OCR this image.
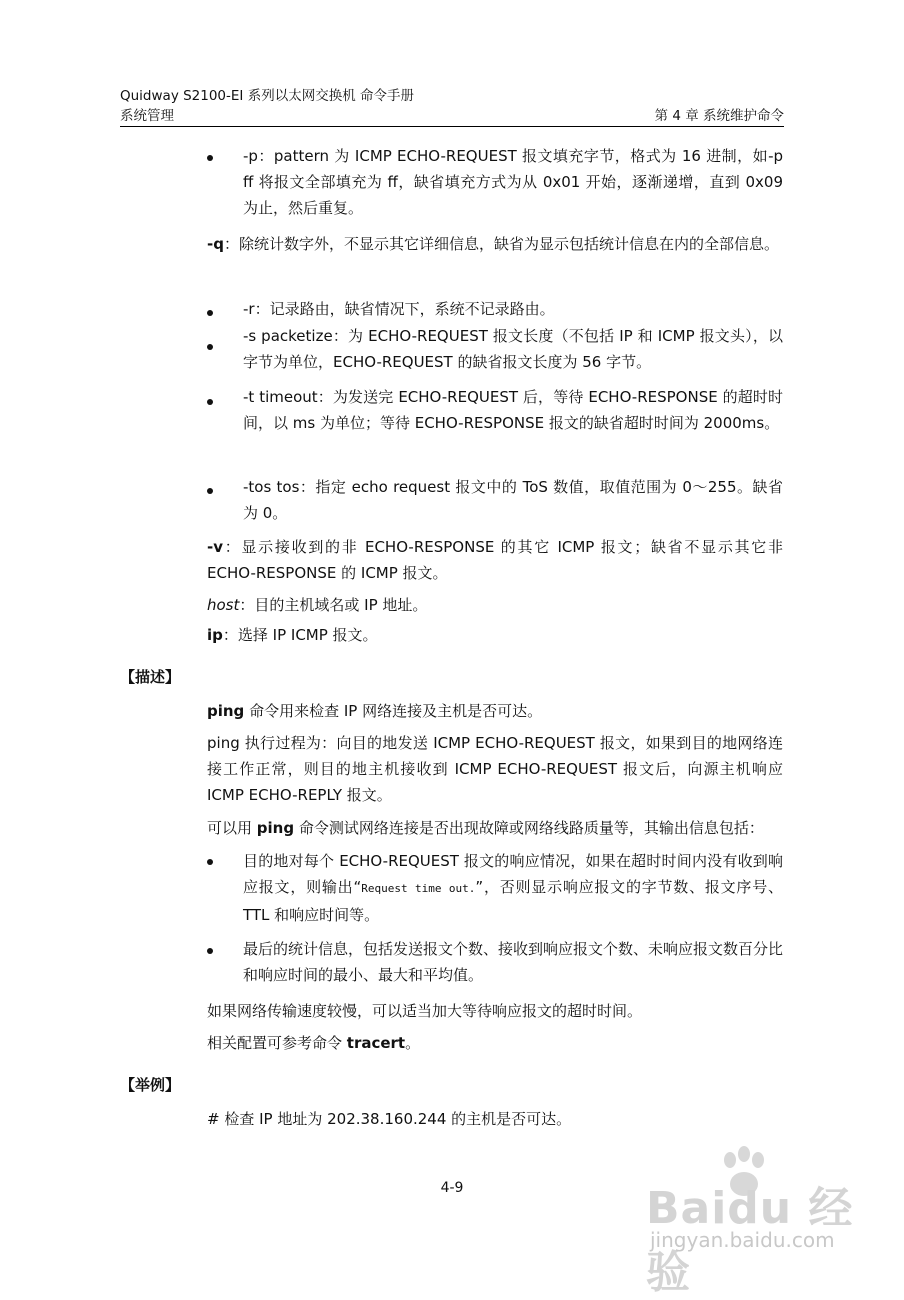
Quidway S2100-EI 系列以太网交换机 命令手册
系统管理	第 4 章 系统维护命令
-p：pattern 为 ICMP ECHO-REQUEST 报文填充字节，格式为 16 进制，如-p ff 将报文全部填充为 ff，缺省填充方式为从 0x01 开始，逐渐递增，直到 0x09 为止，然后重复。
-q：除统计数字外，不显示其它详细信息，缺省为显示包括统计信息在内的全部信息。
-r：记录路由，缺省情况下，系统不记录路由。
-s packetize：为 ECHO-REQUEST 报文长度（不包括 IP 和 ICMP 报文头），以字节为单位，ECHO-REQUEST 的缺省报文长度为 56 字节。
-t timeout：为发送完 ECHO-REQUEST 后，等待 ECHO-RESPONSE 的超时时间，以 ms 为单位；等待 ECHO-RESPONSE 报文的缺省超时时间为 2000ms。
-tos tos：指定 echo request 报文中的 ToS 数值，取值范围为 0～255。缺省为 0。
-v：显示接收到的非 ECHO-RESPONSE 的其它 ICMP 报文；缺省不显示其它非 ECHO-RESPONSE 的 ICMP 报文。
host：目的主机域名或 IP 地址。
ip：选择 IP ICMP 报文。
【描述】
ping 命令用来检查 IP 网络连接及主机是否可达。
ping 执行过程为：向目的地发送 ICMP ECHO-REQUEST 报文，如果到目的地网络连接工作正常，则目的地主机接收到 ICMP ECHO-REQUEST 报文后，向源主机响应 ICMP ECHO-REPLY 报文。
可以用 ping 命令测试网络连接是否出现故障或网络线路质量等，其输出信息包括：
目的地对每个 ECHO-REQUEST 报文的响应情况，如果在超时时间内没有收到响应报文，则输出“Request time out.”，否则显示响应报文的字节数、报文序号、TTL 和响应时间等。
最后的统计信息，包括发送报文个数、接收到响应报文个数、未响应报文数百分比和响应时间的最小、最大和平均值。
如果网络传输速度较慢，可以适当加大等待响应报文的超时时间。
相关配置可参考命令 tracert。
【举例】
# 检查 IP 地址为 202.38.160.244 的主机是否可达。
4-9	Baidu 经验
jingyan.baidu.com
